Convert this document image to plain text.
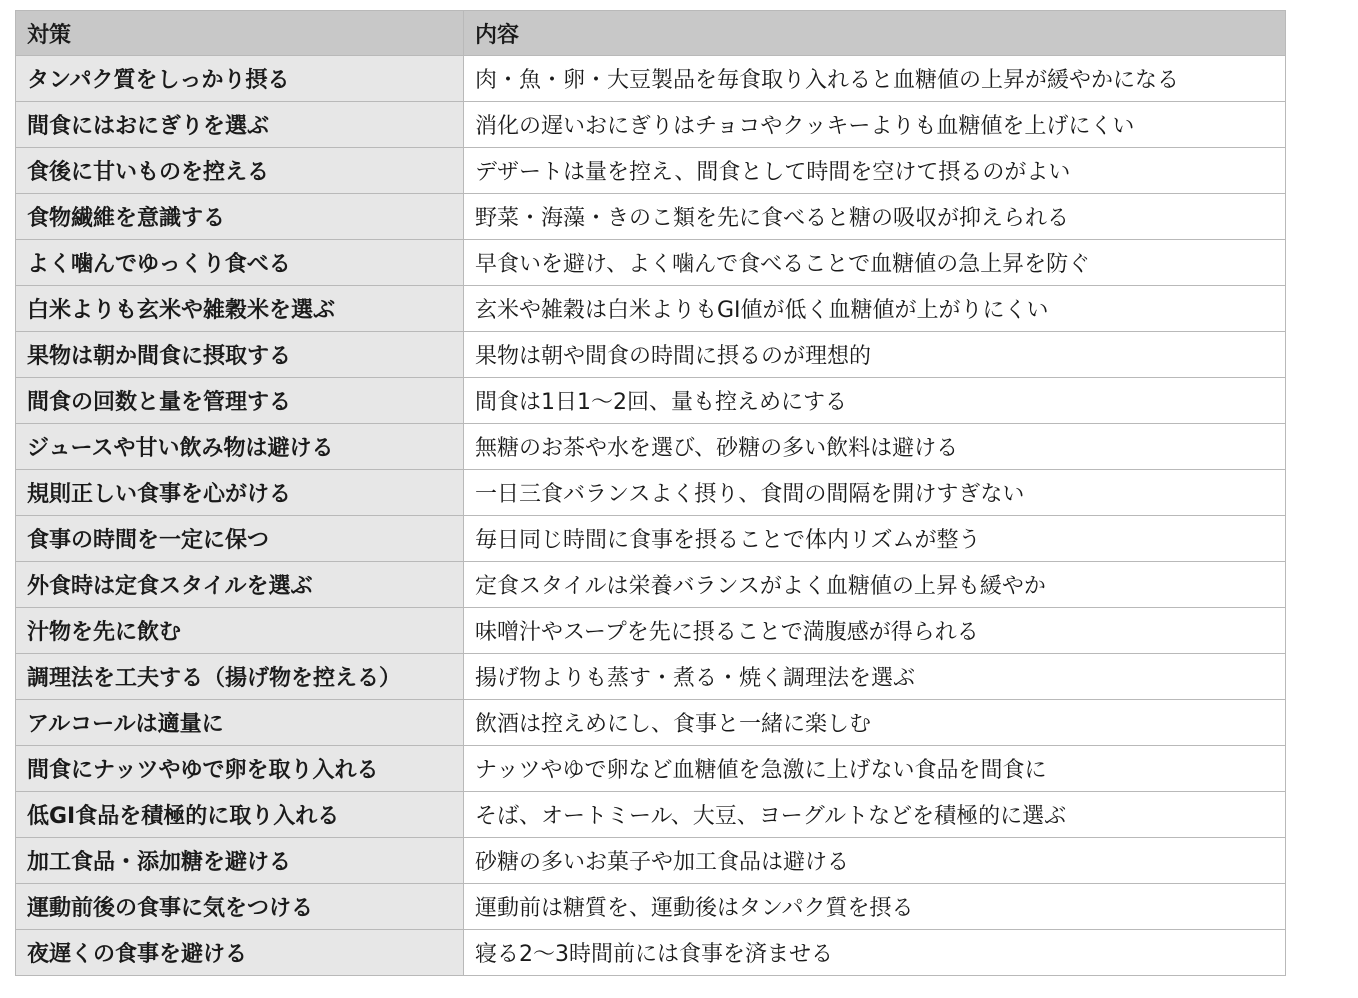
対策	内容
タンパク質をしっかり摂る	肉・魚・卵・大豆製品を毎食取り入れると血糖値の上昇が緩やかになる
間食にはおにぎりを選ぶ	消化の遅いおにぎりはチョコやクッキーよりも血糖値を上げにくい
食後に甘いものを控える	デザートは量を控え、間食として時間を空けて摂るのがよい
食物繊維を意識する	野菜・海藻・きのこ類を先に食べると糖の吸収が抑えられる
よく噛んでゆっくり食べる	早食いを避け、よく噛んで食べることで血糖値の急上昇を防ぐ
白米よりも玄米や雑穀米を選ぶ	玄米や雑穀は白米よりもGI値が低く血糖値が上がりにくい
果物は朝か間食に摂取する	果物は朝や間食の時間に摂るのが理想的
間食の回数と量を管理する	間食は1日1〜2回、量も控えめにする
ジュースや甘い飲み物は避ける	無糖のお茶や水を選び、砂糖の多い飲料は避ける
規則正しい食事を心がける	一日三食バランスよく摂り、食間の間隔を開けすぎない
食事の時間を一定に保つ	毎日同じ時間に食事を摂ることで体内リズムが整う
外食時は定食スタイルを選ぶ	定食スタイルは栄養バランスがよく血糖値の上昇も緩やか
汁物を先に飲む	味噌汁やスープを先に摂ることで満腹感が得られる
調理法を工夫する（揚げ物を控える）	揚げ物よりも蒸す・煮る・焼く調理法を選ぶ
アルコールは適量に	飲酒は控えめにし、食事と一緒に楽しむ
間食にナッツやゆで卵を取り入れる	ナッツやゆで卵など血糖値を急激に上げない食品を間食に
低GI食品を積極的に取り入れる	そば、オートミール、大豆、ヨーグルトなどを積極的に選ぶ
加工食品・添加糖を避ける	砂糖の多いお菓子や加工食品は避ける
運動前後の食事に気をつける	運動前は糖質を、運動後はタンパク質を摂る
夜遅くの食事を避ける	寝る2〜3時間前には食事を済ませる
